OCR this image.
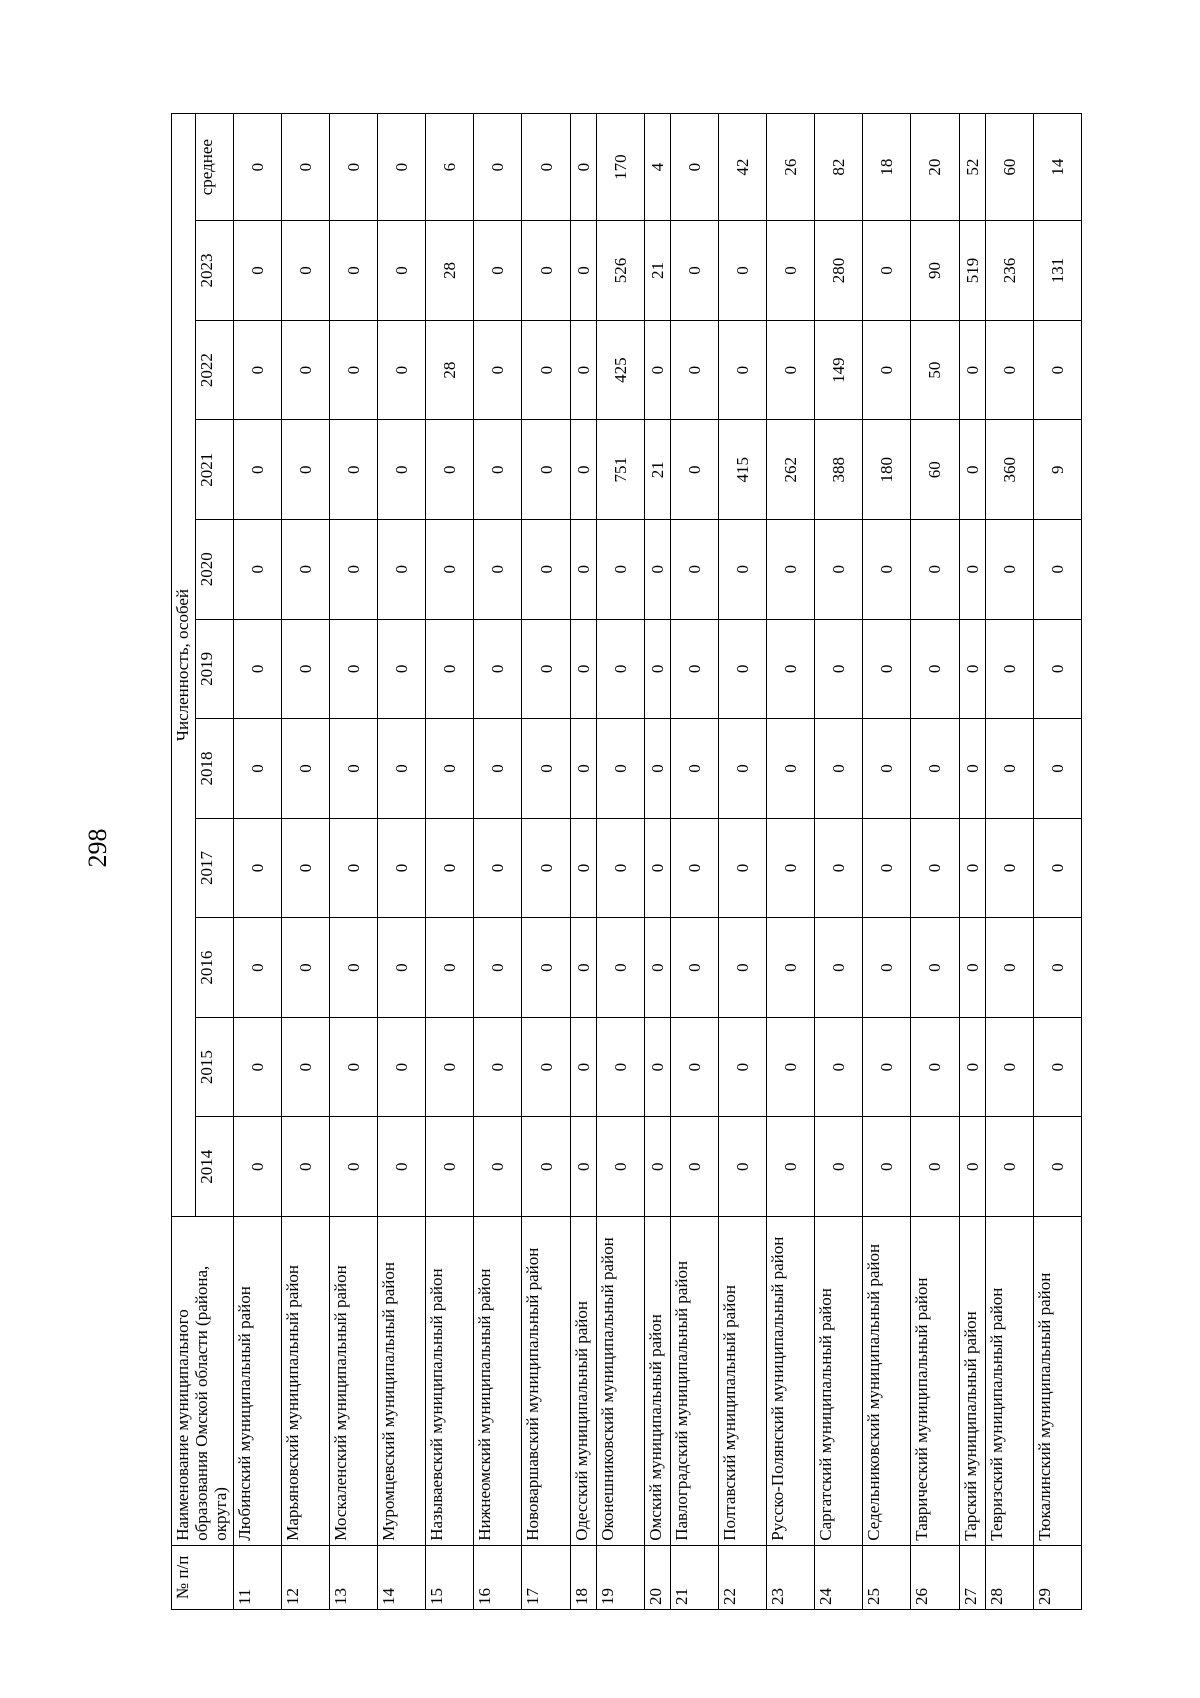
298
№ п/п	Наименование муниципального образования Омской области (района, округа)	Численность, особей										
		2014	2015	2016	2017	2018	2019	2020	2021	2022	2023	среднее
11	Любинский муниципальный район	0	0	0	0	0	0	0	0	0	0	0
12	Марьяновский муниципальный район	0	0	0	0	0	0	0	0	0	0	0
13	Москаленский муниципальный район	0	0	0	0	0	0	0	0	0	0	0
14	Муромцевский муниципальный район	0	0	0	0	0	0	0	0	0	0	0
15	Называевский муниципальный район	0	0	0	0	0	0	0	0	28	28	6
16	Нижнеомский муниципальный район	0	0	0	0	0	0	0	0	0	0	0
17	Нововаршавский муниципальный район	0	0	0	0	0	0	0	0	0	0	0
18	Одесский муниципальный район	0	0	0	0	0	0	0	0	0	0	0
19	Оконешниковский муниципальный район	0	0	0	0	0	0	0	751	425	526	170
20	Омский муниципальный район	0	0	0	0	0	0	0	21	0	21	4
21	Павлоградский муниципальный район	0	0	0	0	0	0	0	0	0	0	0
22	Полтавский муниципальный район	0	0	0	0	0	0	0	415	0	0	42
23	Русско-Полянский муниципальный район	0	0	0	0	0	0	0	262	0	0	26
24	Саргатский муниципальный район	0	0	0	0	0	0	0	388	149	280	82
25	Седельниковский муниципальный район	0	0	0	0	0	0	0	180	0	0	18
26	Таврический муниципальный район	0	0	0	0	0	0	0	60	50	90	20
27	Тарский муниципальный район	0	0	0	0	0	0	0	0	0	519	52
28	Тевризский муниципальный район	0	0	0	0	0	0	0	360	0	236	60
29	Тюкалинский муниципальный район	0	0	0	0	0	0	0	9	0	131	14
